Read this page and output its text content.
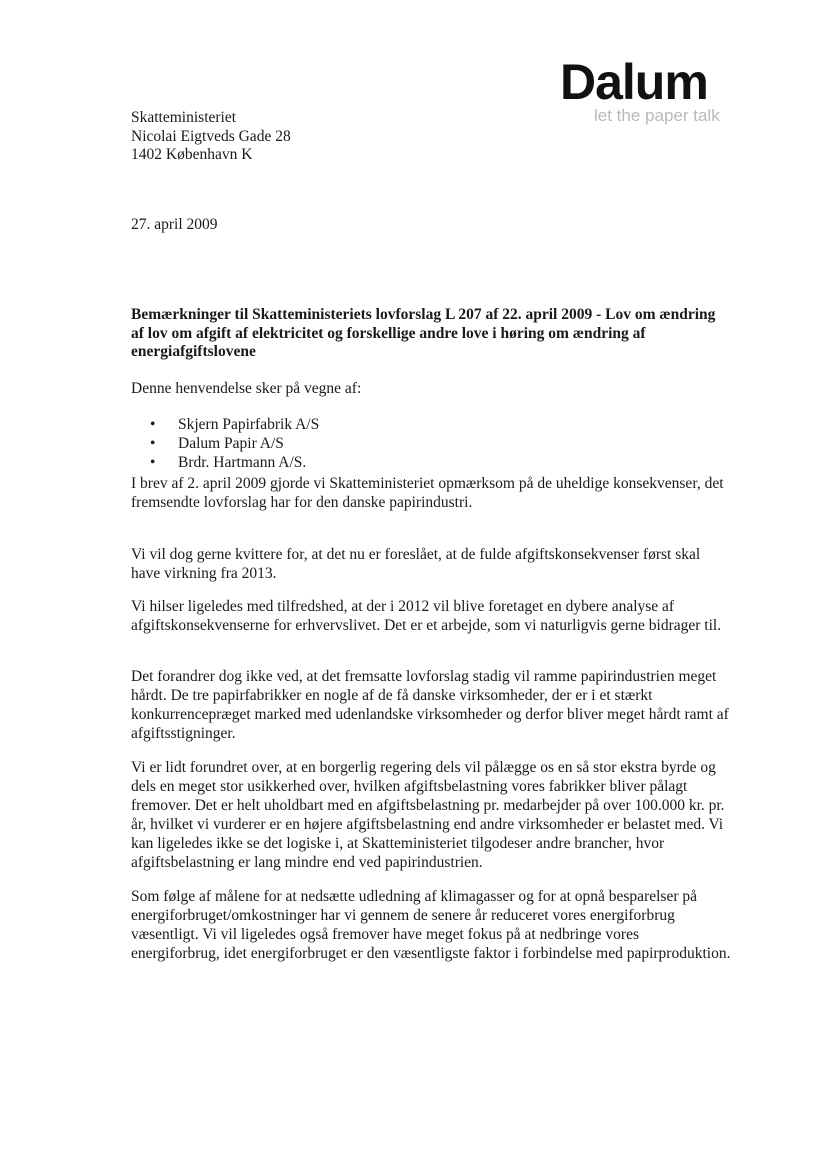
Dalum
let the paper talk
Skatteministeriet
Nicolai Eigtveds Gade 28
1402 København K
27. april 2009
Bemærkninger til Skatteministeriets lovforslag L 207 af 22. april 2009 - Lov om ændring af lov om afgift af elektricitet og forskellige andre love i høring om ændring af energiafgiftslovene
Denne henvendelse sker på vegne af:
• Skjern Papirfabrik A/S
• Dalum Papir A/S
• Brdr. Hartmann A/S.

I brev af 2. april 2009 gjorde vi Skatteministeriet opmærksom på de uheldige konsekvenser, det fremsendte lovforslag har for den danske papirindustri.

Vi vil dog gerne kvittere for, at det nu er foreslået, at de fulde afgiftskonsekvenser først skal have virkning fra 2013.

Vi hilser ligeledes med tilfredshed, at der i 2012 vil blive foretaget en dybere analyse af afgiftskonsekvenserne for erhvervslivet. Det er et arbejde, som vi naturligvis gerne bidrager til.

Det forandrer dog ikke ved, at det fremsatte lovforslag stadig vil ramme papirindustrien meget hårdt. De tre papirfabrikker en nogle af de få danske virksomheder, der er i et stærkt konkurrencepræget marked med udenlandske virksomheder og derfor bliver meget hårdt ramt af afgiftsstigninger.

Vi er lidt forundret over, at en borgerlig regering dels vil pålægge os en så stor ekstra byrde og dels en meget stor usikkerhed over, hvilken afgiftsbelastning vores fabrikker bliver pålagt fremover. Det er helt uholdbart med en afgiftsbelastning pr. medarbejder på over 100.000 kr. pr. år, hvilket vi vurderer er en højere afgiftsbelastning end andre virksomheder er belastet med. Vi kan ligeledes ikke se det logiske i, at Skatteministeriet tilgodeser andre brancher, hvor afgiftsbelastning er lang mindre end ved papirindustrien.

Som følge af målene for at nedsætte udledning af klimagasser og for at opnå besparelser på energiforbruget/omkostninger har vi gennem de senere år reduceret vores energiforbrug væsentligt. Vi vil ligeledes også fremover have meget fokus på at nedbringe vores energiforbrug, idet energiforbruget er den væsentligste faktor i forbindelse med papirproduktion.
